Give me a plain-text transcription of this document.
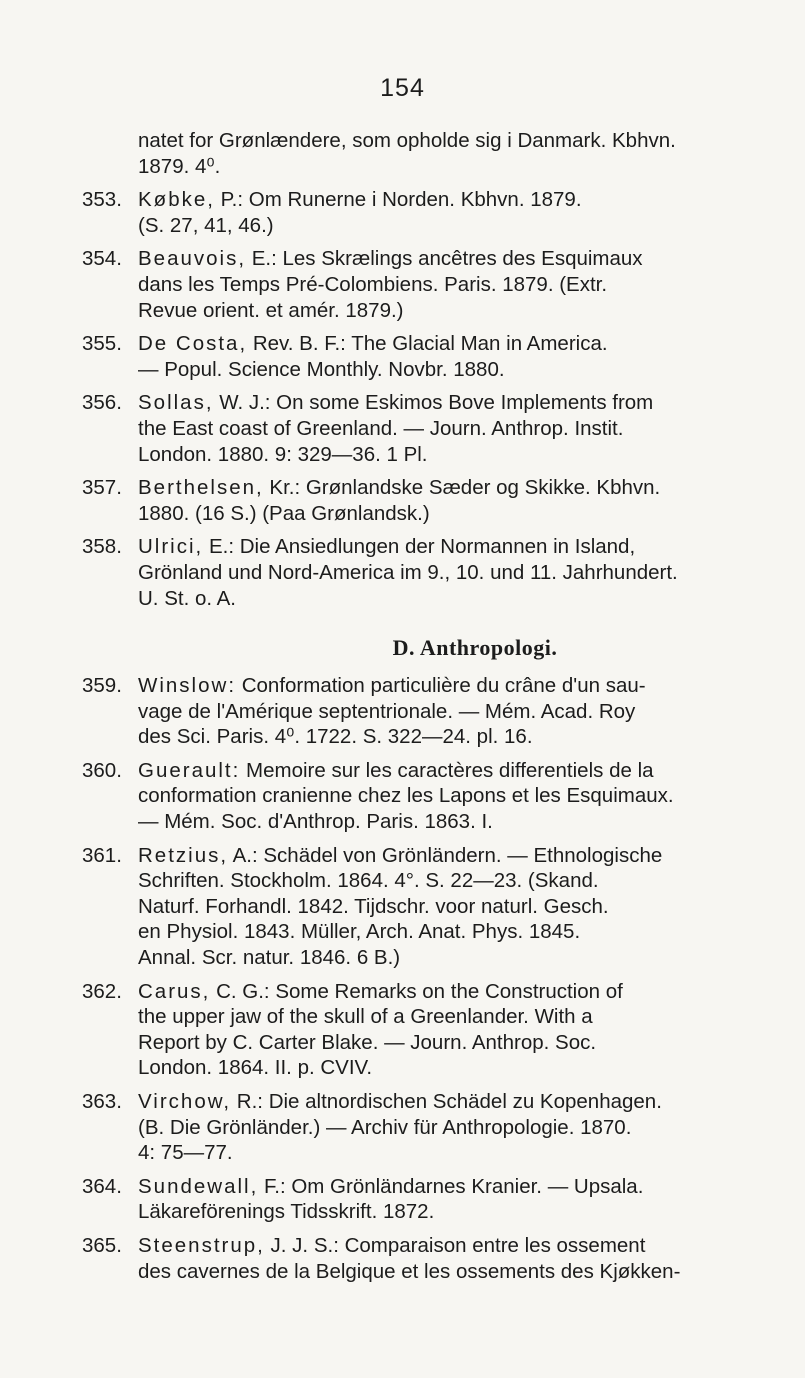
154
natet for Grønlændere, som opholde sig i Danmark. Kbhvn.
1879. 4⁰.
353. Købke, P.: Om Runerne i Norden. Kbhvn. 1879.
(S. 27, 41, 46.)
354. Beauvois, E.: Les Skrælings ancêtres des Esquimaux
dans les Temps Pré-Colombiens. Paris. 1879. (Extr.
Revue orient. et amér. 1879.)
355. De Costa, Rev. B. F.: The Glacial Man in America.
— Popul. Science Monthly. Novbr. 1880.
356. Sollas, W. J.: On some Eskimos Bove Implements from
the East coast of Greenland. — Journ. Anthrop. Instit.
London. 1880. 9: 329—36. 1 Pl.
357. Berthelsen, Kr.: Grønlandske Sæder og Skikke. Kbhvn.
1880. (16 S.) (Paa Grønlandsk.)
358. Ulrici, E.: Die Ansiedlungen der Normannen in Island,
Grönland und Nord-America im 9., 10. und 11. Jahrhundert.
U. St. o. A.
D. Anthropologi.
359. Winslow: Conformation particulière du crâne d'un sau-
vage de l'Amérique septentrionale. — Mém. Acad. Roy
des Sci. Paris. 4⁰. 1722. S. 322—24. pl. 16.
360. Guerault: Memoire sur les caractères differentiels de la
conformation cranienne chez les Lapons et les Esquimaux.
— Mém. Soc. d'Anthrop. Paris. 1863. I.
361. Retzius, A.: Schädel von Grönländern. — Ethnologische
Schriften. Stockholm. 1864. 4°. S. 22—23. (Skand.
Naturf. Forhandl. 1842. Tijdschr. voor naturl. Gesch.
en Physiol. 1843. Müller, Arch. Anat. Phys. 1845.
Annal. Scr. natur. 1846. 6 B.)
362. Carus, C. G.: Some Remarks on the Construction of
the upper jaw of the skull of a Greenlander. With a
Report by C. Carter Blake. — Journ. Anthrop. Soc.
London. 1864. II. p. CVIV.
363. Virchow, R.: Die altnordischen Schädel zu Kopenhagen.
(B. Die Grönländer.) — Archiv für Anthropologie. 1870.
4: 75—77.
364. Sundewall, F.: Om Grönländarnes Kranier. — Upsala.
Läkareförenings Tidsskrift. 1872.
365. Steenstrup, J. J. S.: Comparaison entre les ossement
des cavernes de la Belgique et les ossements des Kjøkken-
